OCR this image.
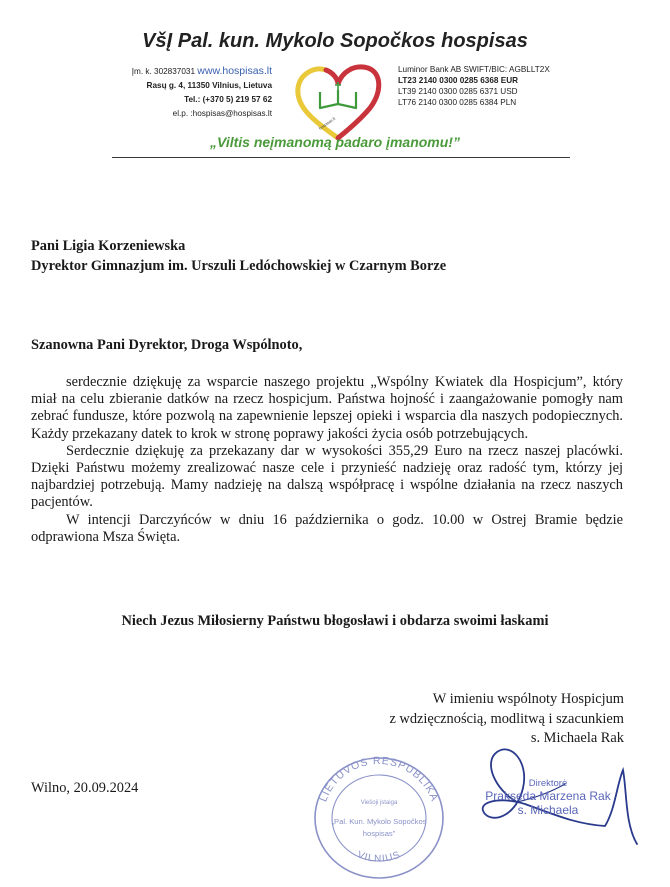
VšĮ Pal. kun. Mykolo Sopočkos hospisas
Įm. k. 302837031 www.hospisas.lt
Rasų g. 4, 11350 Vilnius, Lietuva
Tel.: (+370 5) 219 57 62
el.p. :hospisas@hospisas.lt
hospisas.lt
Luminor Bank AB SWIFT/BIC: AGBLLT2X
LT23 2140 0300 0285 6368 EUR
LT39 2140 0300 0285 6371 USD
LT76 2140 0300 0285 6384 PLN
„Viltis neįmanomą padaro įmanomu!”
Pani Ligia Korzeniewska
Dyrektor Gimnazjum im. Urszuli Ledóchowskiej w Czarnym Borze
Szanowna Pani Dyrektor, Droga Wspólnoto,

serdecznie dziękuję za wsparcie naszego projektu „Wspólny Kwiatek dla Hospicjum”, który miał na celu zbieranie datków na rzecz hospicjum. Państwa hojność i zaangażowanie pomogły nam zebrać fundusze, które pozwolą na zapewnienie lepszej opieki i wsparcia dla naszych podopiecznych. Każdy przekazany datek to krok w stronę poprawy jakości życia osób potrzebujących.

Serdecznie dziękuję za przekazany dar w wysokości 355,29 Euro na rzecz naszej placówki. Dzięki Państwu możemy zrealizować nasze cele i przynieść nadzieję oraz radość tym, którzy jej najbardziej potrzebują. Mamy nadzieję na dalszą współpracę i wspólne działania na rzecz naszych pacjentów.

W intencji Darczyńców w dniu 16 października o godz. 10.00 w Ostrej Bramie będzie odprawiona Msza Święta.

Niech Jezus Miłosierny Państwu błogosławi i obdarza swoimi łaskami
W imieniu wspólnoty Hospicjum
z wdzięcznością, modlitwą i szacunkiem
s. Michaela Rak
Wilno, 20.09.2024
LIETUVOS RESPUBLIKA
VILNIUS
Viešoji įstaiga
„Pal. Kun. Mykolo Sopočkos
hospisas”
Direktorė
Prakseda Marzena Rak
s. Michaela
